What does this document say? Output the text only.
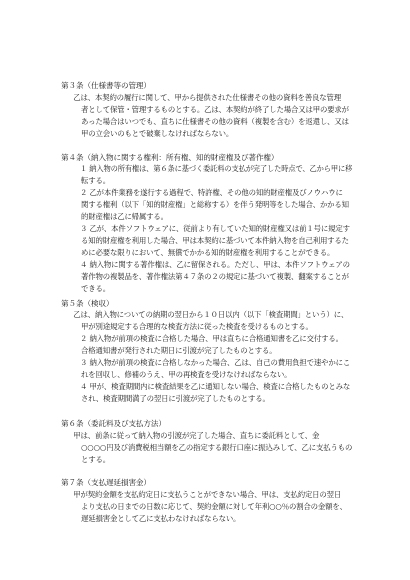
第３条（仕様書等の管理）
　乙は、本契約の履行に関して、甲から提供された仕様書その他の資料を善良な管理
者として保管・管理するものとする。乙は、本契約が終了した場合又は甲の要求が
あった場合はいつでも、直ちに仕様書その他の資料（複製を含む）を返還し、又は
甲の立会いのもとで破棄しなければならない。
第４条（納入物に関する権利：所有権、知的財産権及び著作権）
１ 納入物の所有権は、第６条に基づく委託料の支払が完了した時点で、乙から甲に移
転する。
２ 乙が本件業務を遂行する過程で、特許権、その他の知的財産権及びノウハウに
関する権利（以下「知的財産権」と総称する）を伴う発明等をした場合、かかる知
的財産権は乙に帰属する。
３ 乙が、本件ソフトウェアに、従前より有していた知的財産権又は前１号に規定す
る知的財産権を利用した場合、甲は本契約に基づいて本件納入物を自己利用するた
めに必要な限りにおいて、無償でかかる知的財産権を利用することができる。
４ 納入物に関する著作権は、乙に留保される。ただし、甲は、本件ソフトウェアの
著作物の複製品を、著作権法第４７条の２の規定に基づいて複製、翻案することが
できる。
第５条（検収）
　乙は、納入物についての納期の翌日から１０日以内（以下「検査期間」という）に、
甲が別途規定する合理的な検査方法に従った検査を受けるものとする。
２ 納入物が前項の検査に合格した場合、甲は直ちに合格通知書を乙に交付する。
合格通知書が発行された期日に引渡が完了したものとする。
３ 納入物が前項の検査に合格しなかった場合、乙は、自己の費用負担で速やかにこ
れを回収し、修補のうえ、甲の再検査を受けなければならない。
４ 甲が、検査期間内に検査結果を乙に通知しない場合、検査に合格したものとみな
され、検査期間満了の翌日に引渡が完了したものとする。
第６条（委託料及び支払方法）
　甲は、前条に従って納入物の引渡が完了した場合、直ちに委託料として、金
○○○○円及び消費税相当額を乙の指定する銀行口座に振込みして、乙に支払うもの
とする。
第７条（支払遅延損害金）
　甲が契約金額を支払約定日に支払うことができない場合、甲は、支払約定日の翌日
より支払の日までの日数に応じて、契約金額に対して年利○○％の割合の金額を、
遅延損害金として乙に支払わなければならない。
